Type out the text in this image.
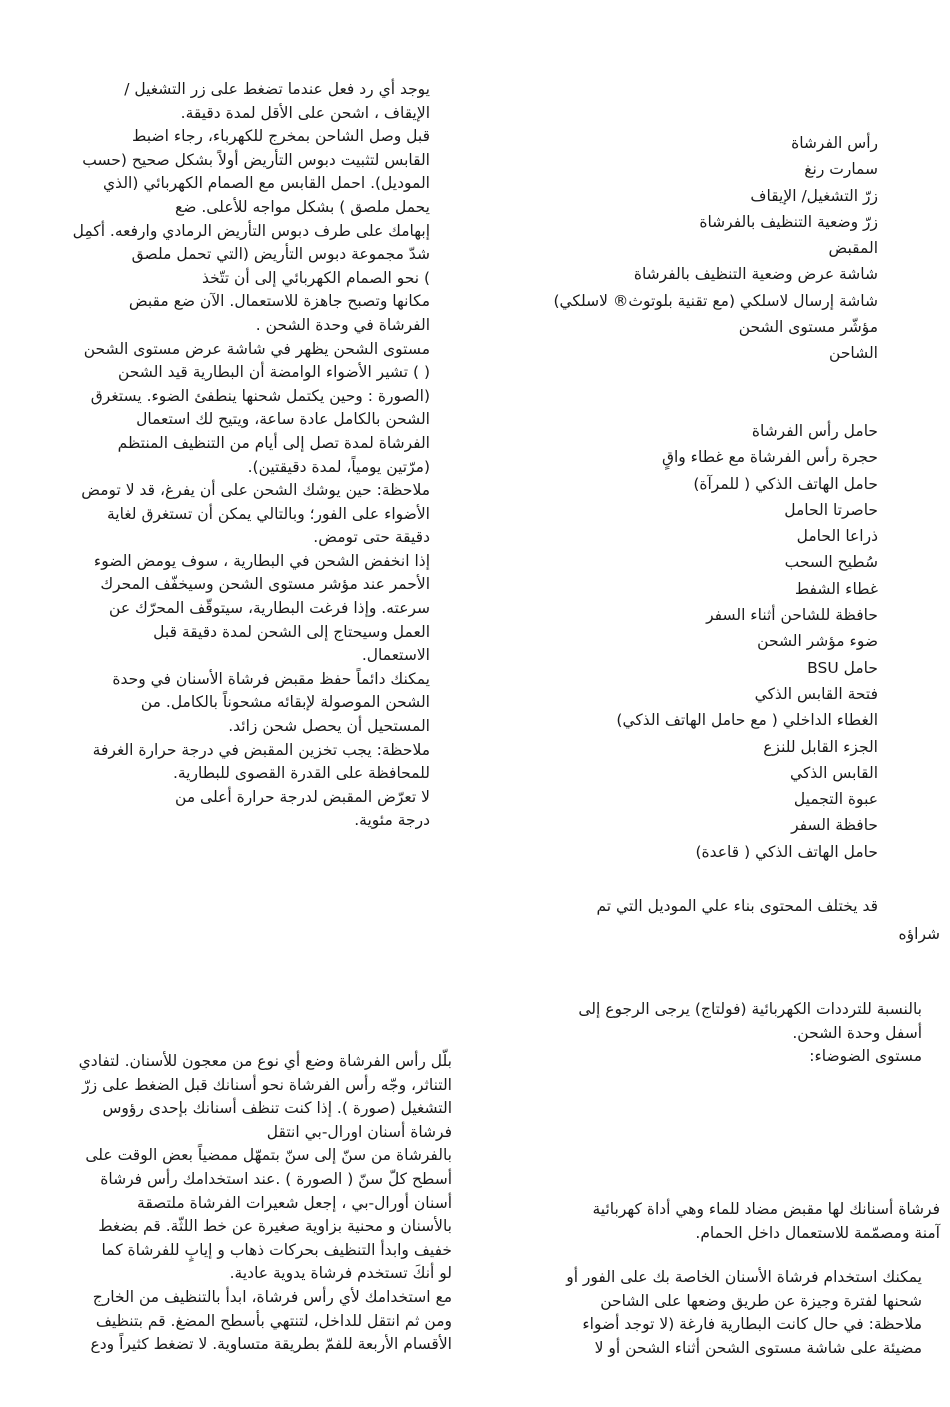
يوجد أي رد فعل عندما تضغط على زر التشغيل /
الإيقاف ، اشحن على الأقل لمدة دقيقة.
قبل وصل الشاحن بمخرج للكهرباء، رجاء اضبط
القابس لتثبيت دبوس التأريض أولاً بشكل صحيح (حسب
الموديل). احمل القابس مع الصمام الكهربائي (الذي
يحمل ملصق ) بشكل مواجه للأعلى. ضع
إبهامك على طرف دبوس التأريض الرمادي وارفعه. أكمِل
شدّ مجموعة دبوس التأريض (التي تحمل ملصق
) نحو الصمام الكهربائي إلى أن تتّخذ
مكانها وتصبح جاهزة للاستعمال. الآن ضع مقبض
الفرشاة في وحدة الشحن .
مستوى الشحن يظهر في شاشة عرض مستوى الشحن
( ) تشير الأضواء الوامضة أن البطارية قيد الشحن
(الصورة : وحين يكتمل شحنها ينطفئ الضوء. يستغرق
الشحن بالكامل عادة ساعة، ويتيح لك استعمال
الفرشاة لمدة تصل إلى أيام من التنظيف المنتظم
(مرّتين يومياً، لمدة دقيقتين).
ملاحظة: حين يوشك الشحن على أن يفرغ، قد لا تومض
الأضواء على الفور؛ وبالتالي يمكن أن تستغرق لغاية
دقيقة حتى تومض.
إذا انخفض الشحن في البطارية ، سوف يومض الضوء
الأحمر عند مؤشر مستوى الشحن وسيخفّف المحرك
سرعته. وإذا فرغت البطارية، سيتوقّف المحرّك عن
العمل وسيحتاج إلى الشحن لمدة دقيقة قبل
الاستعمال.
يمكنك دائماً حفظ مقبض فرشاة الأسنان في وحدة
الشحن الموصولة لإبقائه مشحوناً بالكامل. من
المستحيل أن يحصل شحن زائد.
ملاحظة: يجب تخزين المقبض في درجة حرارة الغرفة
للمحافظة على القدرة القصوى للبطارية.
لا تعرّض المقبض لدرجة حرارة أعلى من
درجة مئوية.
رأس الفرشاة
سمارت رنغ
زرّ التشغيل/ الإيقاف
زرّ وضعية التنظيف بالفرشاة
المقبض
شاشة عرض وضعية التنظيف بالفرشاة
شاشة إرسال لاسلكي (مع تقنية بلوتوث® لاسلكي)
مؤشّر مستوى الشحن
الشاحن
حامل رأس الفرشاة
حجرة رأس الفرشاة مع غطاء واقٍ
حامل الهاتف الذكي ( للمرآة)
حاصرتا الحامل
ذراعا الحامل
سُطيح السحب
غطاء الشفط
حافظة للشاحن أثناء السفر
ضوء مؤشر الشحن
حامل BSU
فتحة القابس الذكي
الغطاء الداخلي ( مع حامل الهاتف الذكي)
الجزء القابل للنزع
القابس الذكي
عبوة التجميل
حافظة السفر
حامل الهاتف الذكي ( قاعدة)
قد يختلف المحتوى بناء علي الموديل التي تم
شراؤه
بالنسبة للترددات الكهربائية (فولتاج) يرجى الرجوع إلى
أسفل وحدة الشحن.
مستوى الضوضاء:
فرشاة أسنانك لها مقبض مضاد للماء وهي أداة كهربائية
آمنة ومصمّمة للاستعمال داخل الحمام.
يمكنك استخدام فرشاة الأسنان الخاصة بك على الفور أو
شحنها لفترة وجيزة عن طريق وضعها على الشاحن
ملاحظة: في حال كانت البطارية فارغة (لا توجد أضواء
مضيئة على شاشة مستوى الشحن أثناء الشحن أو لا
بلّل رأس الفرشاة وضع أي نوع من معجون للأسنان. لتفادي
التناثر، وجّه رأس الفرشاة نحو أسنانك قبل الضغط على زرّ
التشغيل (صورة ). إذا كنت تنظف أسنانك بإحدى رؤوس
فرشاة أسنان اورال-بي انتقل
بالفرشاة من سنّ إلى سنّ بتمهّل ممضياً بعض الوقت على
أسطح كلّ سنّ ( الصورة ) .عند استخدامك رأس فرشاة
أسنان أورال-بي ، إجعل شعيرات الفرشاة ملتصقة
بالأسنان و محنية بزاوية صغيرة عن خط اللثّة. قم بضغط
خفيف وابدأ التنظيف بحركات ذهاب و إيابٍ للفرشاة كما
لو أنكَ تستخدم فرشاة يدوية عادية.
مع استخدامك لأي رأس فرشاة، ابدأ بالتنظيف من الخارج
ومن ثم انتقل للداخل، لتنتهي بأسطح المضغ. قم بتنظيف
الأقسام الأربعة للفمّ بطريقة متساوية. لا تضغط كثيراً ودع
